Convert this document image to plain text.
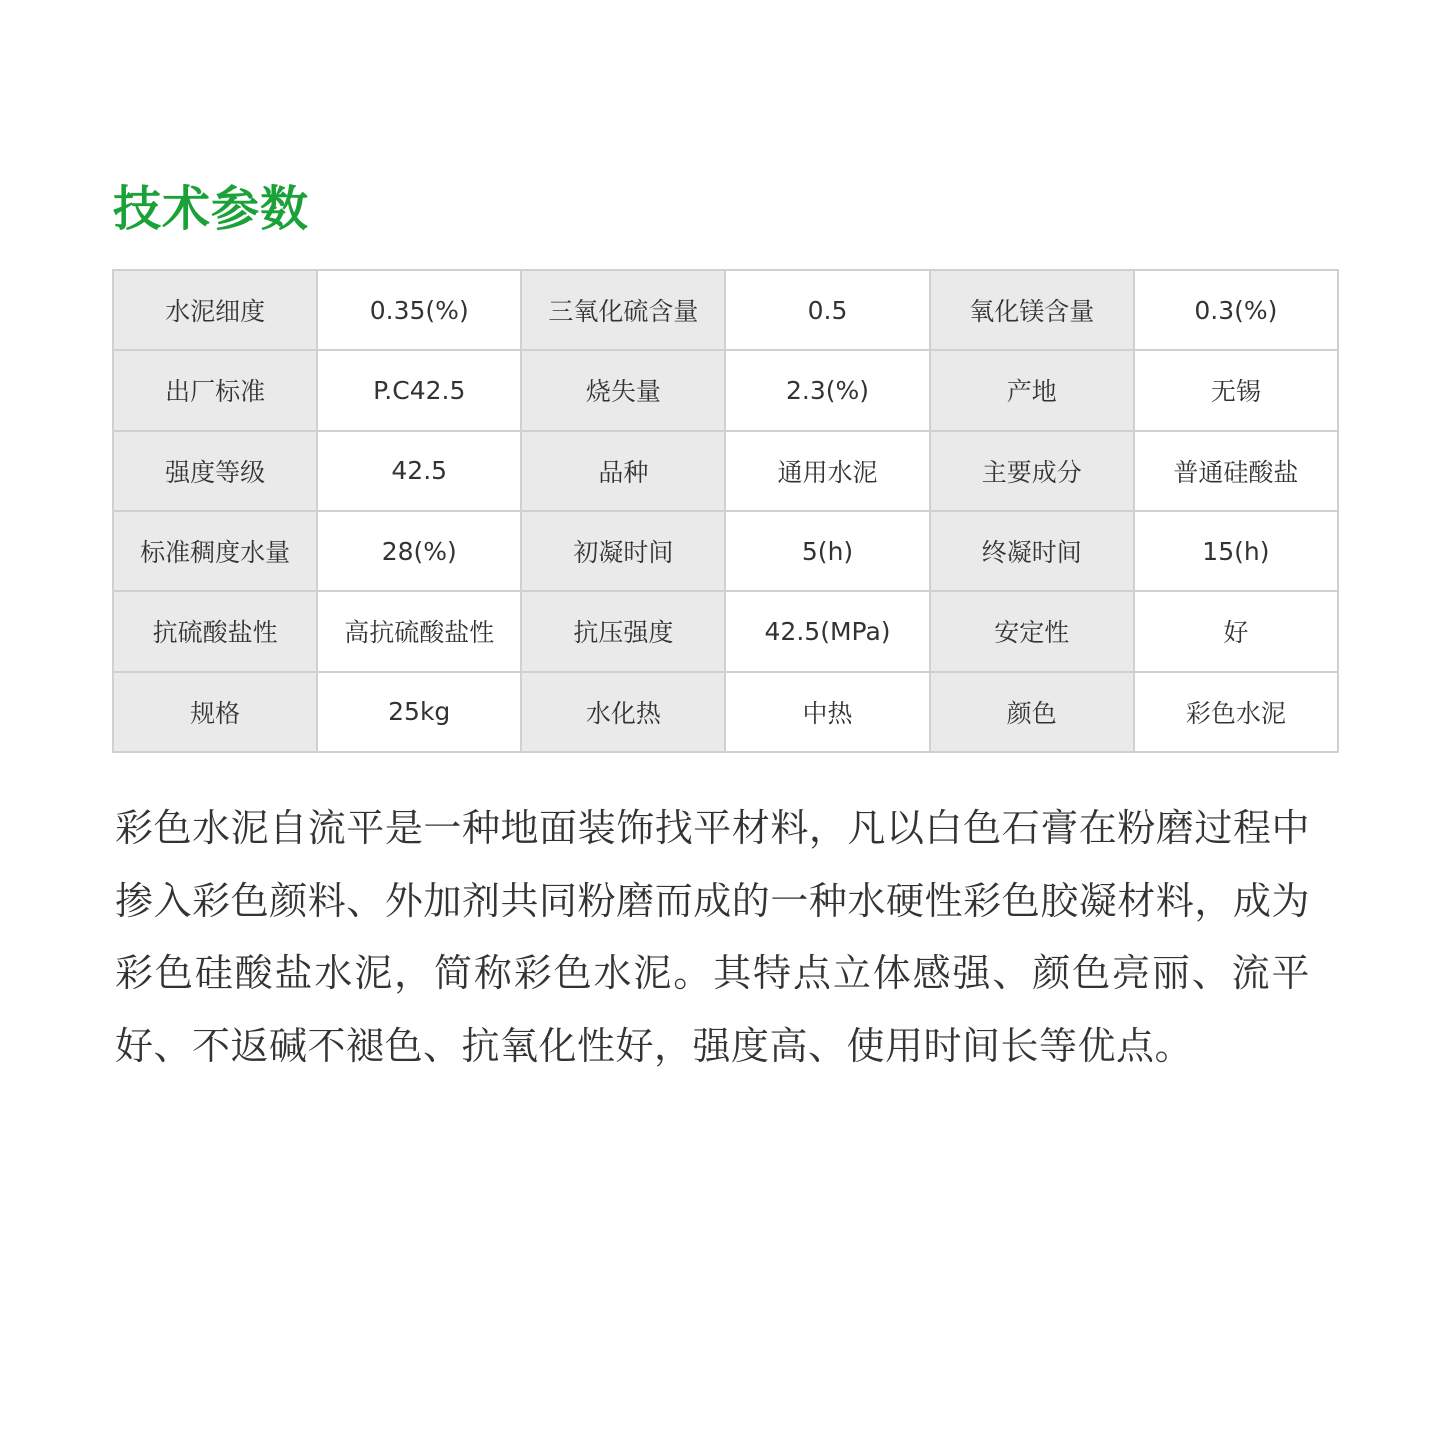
技术参数
水泥细度	0.35(%)	三氧化硫含量	0.5	氧化镁含量	0.3(%)
出厂标准	P.C42.5	烧失量	2.3(%)	产地	无锡
强度等级	42.5	品种	通用水泥	主要成分	普通硅酸盐
标准稠度水量	28(%)	初凝时间	5(h)	终凝时间	15(h)
抗硫酸盐性	高抗硫酸盐性	抗压强度	42.5(MPa)	安定性	好
规格	25kg	水化热	中热	颜色	彩色水泥

彩色水泥自流平是一种地面装饰找平材料，凡以白色石膏在粉磨过程中掺入彩色颜料、外加剂共同粉磨而成的一种水硬性彩色胶凝材料，成为彩色硅酸盐水泥，简称彩色水泥。其特点立体感强、颜色亮丽、流平好、不返碱不褪色、抗氧化性好，强度高、使用时间长等优点。
